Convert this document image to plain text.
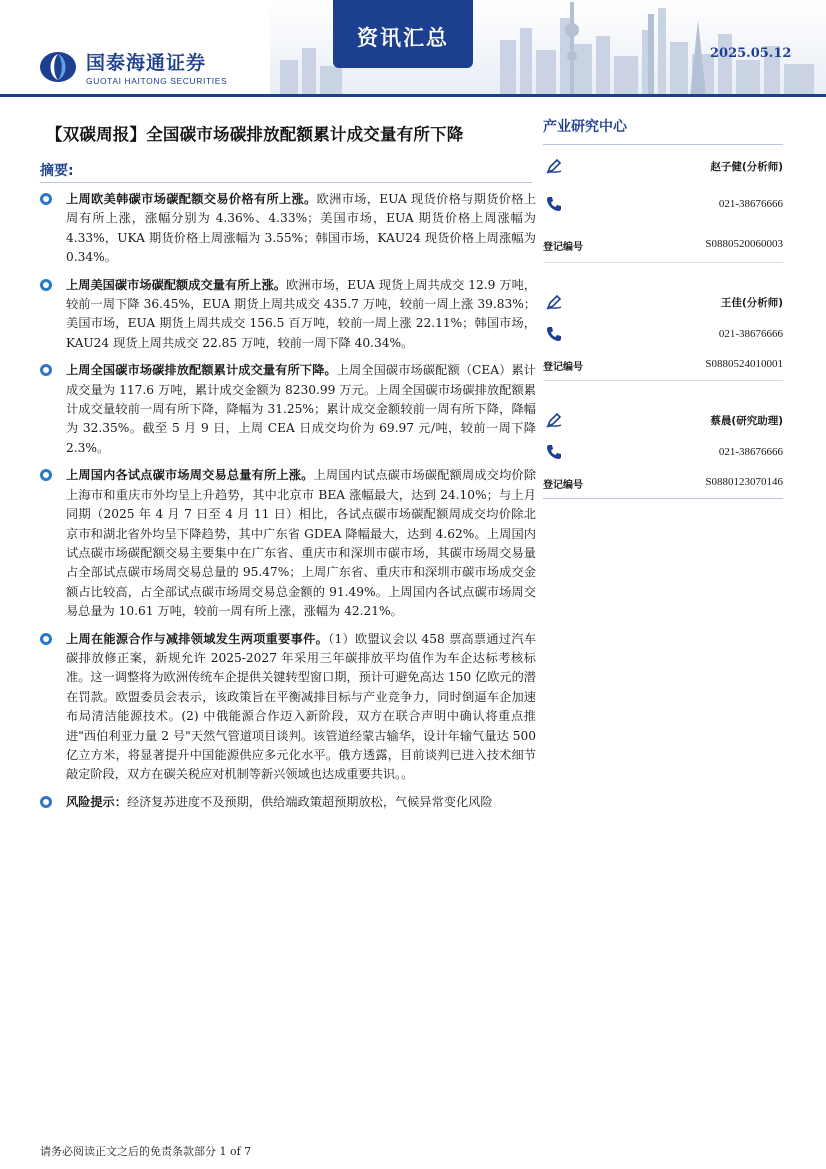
国泰海通证券
GUOTAI HAITONG SECURITIES
资讯汇总
2025.05.12
【双碳周报】全国碳市场碳排放配额累计成交量有所下降
摘要:
上周欧美韩碳市场碳配额交易价格有所上涨。欧洲市场，EUA 现货价格与期货价格上周有所上涨，涨幅分别为 4.36%、4.33%；美国市场，EUA 期货价格上周涨幅为 4.33%，UKA 期货价格上周涨幅为 3.55%；韩国市场，KAU24 现货价格上周涨幅为 0.34%。
上周美国碳市场碳配额成交量有所上涨。欧洲市场，EUA 现货上周共成交 12.9 万吨，较前一周下降 36.45%，EUA 期货上周共成交 435.7 万吨，较前一周上涨 39.83%；美国市场，EUA 期货上周共成交 156.5 百万吨，较前一周上涨 22.11%；韩国市场，KAU24 现货上周共成交 22.85 万吨，较前一周下降 40.34%。
上周全国碳市场碳排放配额累计成交量有所下降。上周全国碳市场碳配额（CEA）累计成交量为 117.6 万吨，累计成交金额为 8230.99 万元。上周全国碳市场碳排放配额累计成交量较前一周有所下降，降幅为 31.25%；累计成交金额较前一周有所下降，降幅为 32.35%。截至 5 月 9 日，上周 CEA 日成交均价为 69.97 元/吨，较前一周下降 2.3%。
上周国内各试点碳市场周交易总量有所上涨。上周国内试点碳市场碳配额周成交均价除上海市和重庆市外均呈上升趋势，其中北京市 BEA 涨幅最大，达到 24.10%；与上月同期（2025 年 4 月 7 日至 4 月 11 日）相比，各试点碳市场碳配额周成交均价除北京市和湖北省外均呈下降趋势，其中广东省 GDEA 降幅最大，达到 4.62%。上周国内试点碳市场碳配额交易主要集中在广东省、重庆市和深圳市碳市场，其碳市场周交易量占全部试点碳市场周交易总量的 95.47%；上周广东省、重庆市和深圳市碳市场成交金额占比较高，占全部试点碳市场周交易总金额的 91.49%。上周国内各试点碳市场周交易总量为 10.61 万吨，较前一周有所上涨，涨幅为 42.21%。
上周在能源合作与减排领域发生两项重要事件。（1）欧盟议会以 458 票高票通过汽车碳排放修正案，新规允许 2025-2027 年采用三年碳排放平均值作为车企达标考核标准。这一调整将为欧洲传统车企提供关键转型窗口期，预计可避免高达 150 亿欧元的潜在罚款。欧盟委员会表示，该政策旨在平衡减排目标与产业竞争力，同时倒逼车企加速布局清洁能源技术。(2) 中俄能源合作迈入新阶段，双方在联合声明中确认将重点推进"西伯利亚力量 2 号"天然气管道项目谈判。该管道经蒙古输华，设计年输气量达 500 亿立方米，将显著提升中国能源供应多元化水平。俄方透露，目前谈判已进入技术细节敲定阶段，双方在碳关税应对机制等新兴领域也达成重要共识。。
风险提示：经济复苏进度不及预期，供给端政策超预期放松，气候异常变化风险
产业研究中心
赵子健(分析师)
021-38676666
登记编号	S0880520060003
王佳(分析师)
021-38676666
登记编号	S0880524010001
蔡晨(研究助理)
021-38676666
登记编号	S0880123070146
请务必阅读正文之后的免责条款部分 1 of 7
